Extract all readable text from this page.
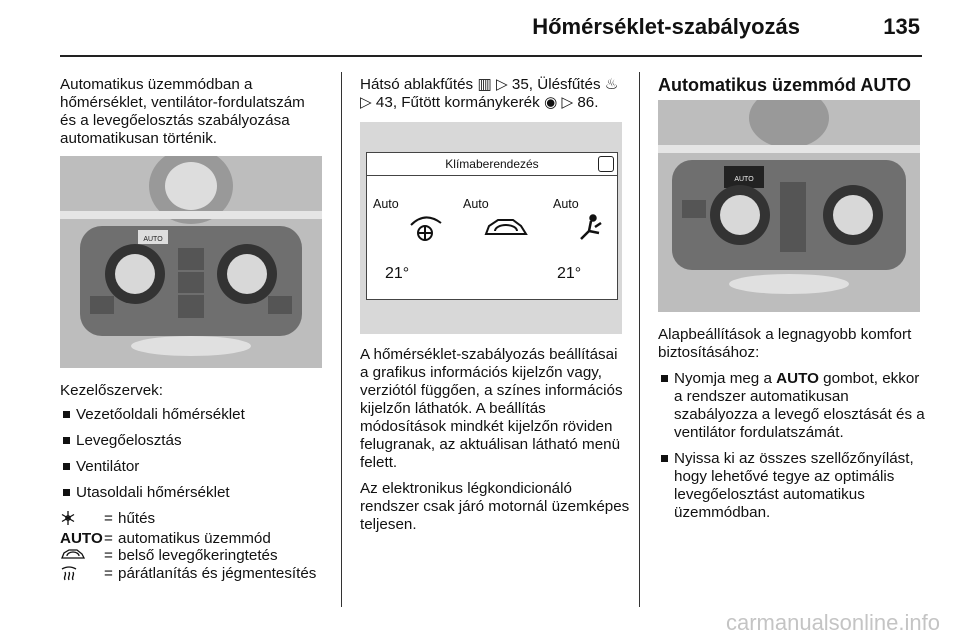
Hőmérséklet-szabályozás	135

Automatikus üzemmódban a hőmérséklet, ventilátor-fordulatszám és a levegőelosztás szabályozása automatikusan történik.

AUTO
Kezelőszervek:
Vezetőoldali hőmérséklet
Levegőelosztás
Ventilátor
Utasoldali hőmérséklet
= hűtés
AUTO = automatikus üzemmód
= belső levegőkeringtetés
= párátlanítás és jégmentesítés

Hátsó ablakfűtés ▥ ▷ 35, Ülésfűtés ♨ ▷ 43, Fűtött kormánykerék ◉ ▷ 86.

Klímaberendezés
Auto	Auto	Auto
21°	21°

A hőmérséklet-szabályozás beállításai a grafikus információs kijelzőn vagy, verziótól függően, a színes információs kijelzőn láthatók. A beállítás módosítások mindkét kijelzőn röviden felugranak, az aktuálisan látható menü felett.

Az elektronikus légkondicionáló rendszer csak járó motornál üzemképes teljesen.

Automatikus üzemmód AUTO
AUTO

Alapbeállítások a legnagyobb komfort biztosításához:

Nyomja meg a AUTO gombot, ekkor a rendszer automatikusan szabályozza a levegő elosztását és a ventilátor fordulatszámát.
Nyissa ki az összes szellőzőnyílást, hogy lehetővé tegye az optimális levegőelosztást automatikus üzemmódban.
carmanualsonline.info
